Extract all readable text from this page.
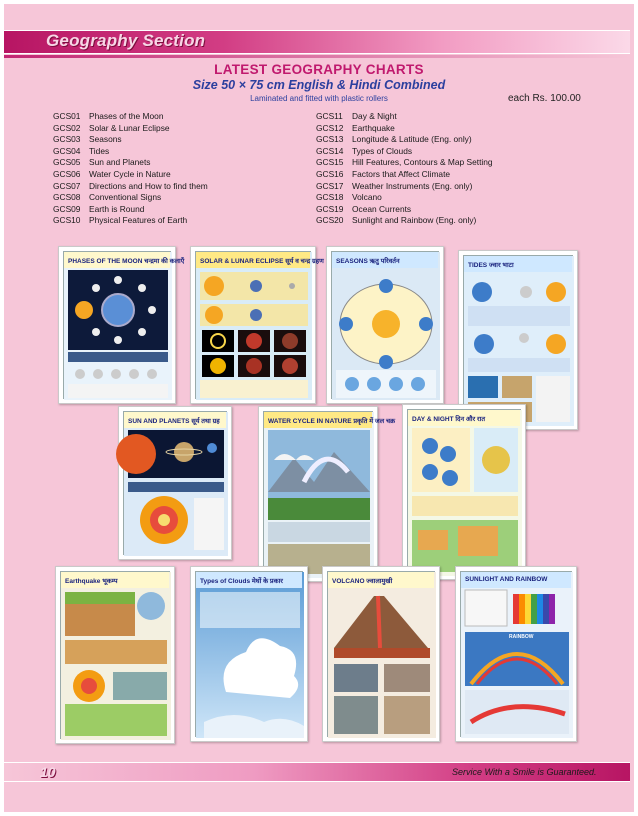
Geography Section
LATEST GEOGRAPHY CHARTS
Size 50 × 75 cm English & Hindi Combined
Laminated and fitted with plastic rollers	each Rs. 100.00
GCS01	Phases of the Moon
GCS02	Solar & Lunar Eclipse
GCS03	Seasons
GCS04	Tides
GCS05	Sun and Planets
GCS06	Water Cycle in Nature
GCS07	Directions and How to find them
GCS08	Conventional Signs
GCS09	Earth is Round
GCS10	Physical Features of Earth
GCS11	Day & Night
GCS12	Earthquake
GCS13	Longitude & Latitude (Eng. only)
GCS14	Types of Clouds
GCS15	Hill Features, Contours & Map Setting
GCS16	Factors that Affect Climate
GCS17	Weather Instruments (Eng. only)
GCS18	Volcano
GCS19	Ocean Currents
GCS20	Sunlight and Rainbow (Eng. only)
PHASES OF THE MOON चन्द्रमा की कलाएँ	SOLAR & LUNAR ECLIPSE सूर्य व चन्द्र ग्रहण	SEASONS ऋतु परिवर्तन
TIDES ज्वार भाटा
SUN AND PLANETS सूर्य तथा ग्रह	WATER CYCLE IN NATURE प्रकृति में जल चक्र	DAY & NIGHT दिन और रात
Earthquake भूकम्प	Types of Clouds मेघों के प्रकार	VOLCANO ज्वालामुखी	SUNLIGHT AND RAINBOW
RAINBOW
10	Service With a Smile is Guaranteed.
